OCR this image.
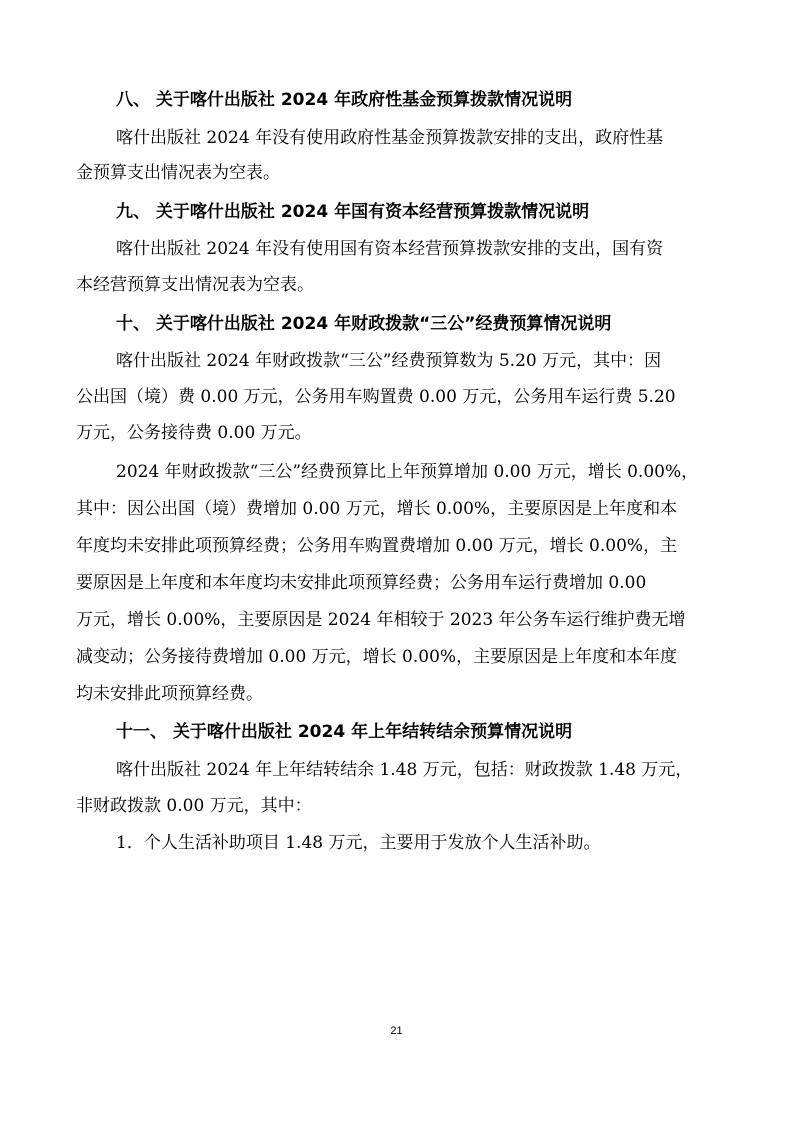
八、 关于喀什出版社 2024 年政府性基金预算拨款情况说明

喀什出版社 2024 年没有使用政府性基金预算拨款安排的支出，政府性基

金预算支出情况表为空表。

九、 关于喀什出版社 2024 年国有资本经营预算拨款情况说明

喀什出版社 2024 年没有使用国有资本经营预算拨款安排的支出，国有资

本经营预算支出情况表为空表。

十、 关于喀什出版社 2024 年财政拨款“三公”经费预算情况说明

喀什出版社 2024 年财政拨款“三公”经费预算数为 5.20 万元，其中：因

公出国（境）费 0.00 万元，公务用车购置费 0.00 万元，公务用车运行费 5.20

万元，公务接待费 0.00 万元。

2024 年财政拨款“三公”经费预算比上年预算增加 0.00 万元，增长 0.00%，

其中：因公出国（境）费增加 0.00 万元，增长 0.00%，主要原因是上年度和本

年度均未安排此项预算经费；公务用车购置费增加 0.00 万元，增长 0.00%，主

要原因是上年度和本年度均未安排此项预算经费；公务用车运行费增加 0.00

万元，增长 0.00%，主要原因是 2024 年相较于 2023 年公务车运行维护费无增

减变动；公务接待费增加 0.00 万元，增长 0.00%，主要原因是上年度和本年度

均未安排此项预算经费。

十一、 关于喀什出版社 2024 年上年结转结余预算情况说明

喀什出版社 2024 年上年结转结余 1.48 万元，包括：财政拨款 1.48 万元，

非财政拨款 0.00 万元，其中：

1．个人生活补助项目 1.48 万元，主要用于发放个人生活补助。

21
